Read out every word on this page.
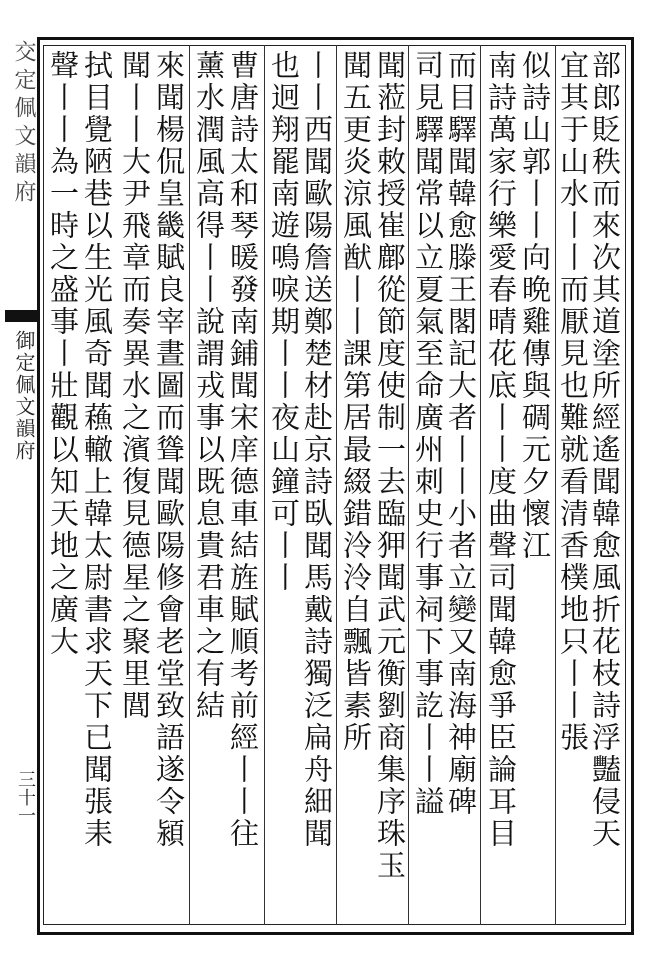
交定佩文韻府
御定佩文韻府
三十一	部郎貶秩而來次其道塗所經遙聞韓愈風折花枝詩浮豔侵天
宜其于山水丨丨而厭見也難就看清香樸地只丨丨張
似詩山郭丨丨向晩雞傳與碉元夕懷江
南詩萬家行樂愛春晴花底丨丨度曲聲司聞韓愈爭臣論耳目
而目驛聞韓愈滕王閣記大者丨丨小者立變又南海神廟碑
司見驛聞常以立夏氣至命廣州刺史行事祠下事訖丨丨謚
聞蒞封敕授崔鄜從節度使制一去臨狎聞武元衡劉商集序珠玉
聞五更炎涼風猷丨丨課第居最綴錯泠泠自飄皆素所
丨丨西聞歐陽詹送鄭楚材赴京詩臥聞馬戴詩獨泛扁舟細聞
也迥翔罷南遊鳴唳期丨丨夜山鐘可丨丨
曹唐詩太和琴暖發南鋪聞宋庠德車結旌賦順考前經丨丨往
薰水潤風高得丨丨說謂戎事以既息貴君車之有結
來聞楊侃皇畿賦良宰晝圖而聳聞歐陽修會老堂致語遂令潁
聞丨丨大尹飛章而奏異水之濱復見德星之聚里閭
拭目覺陋巷以生光風奇聞蘓轍上韓太尉書求天下已聞張耒
聲丨丨為一時之盛事丨壯觀以知天地之廣大
